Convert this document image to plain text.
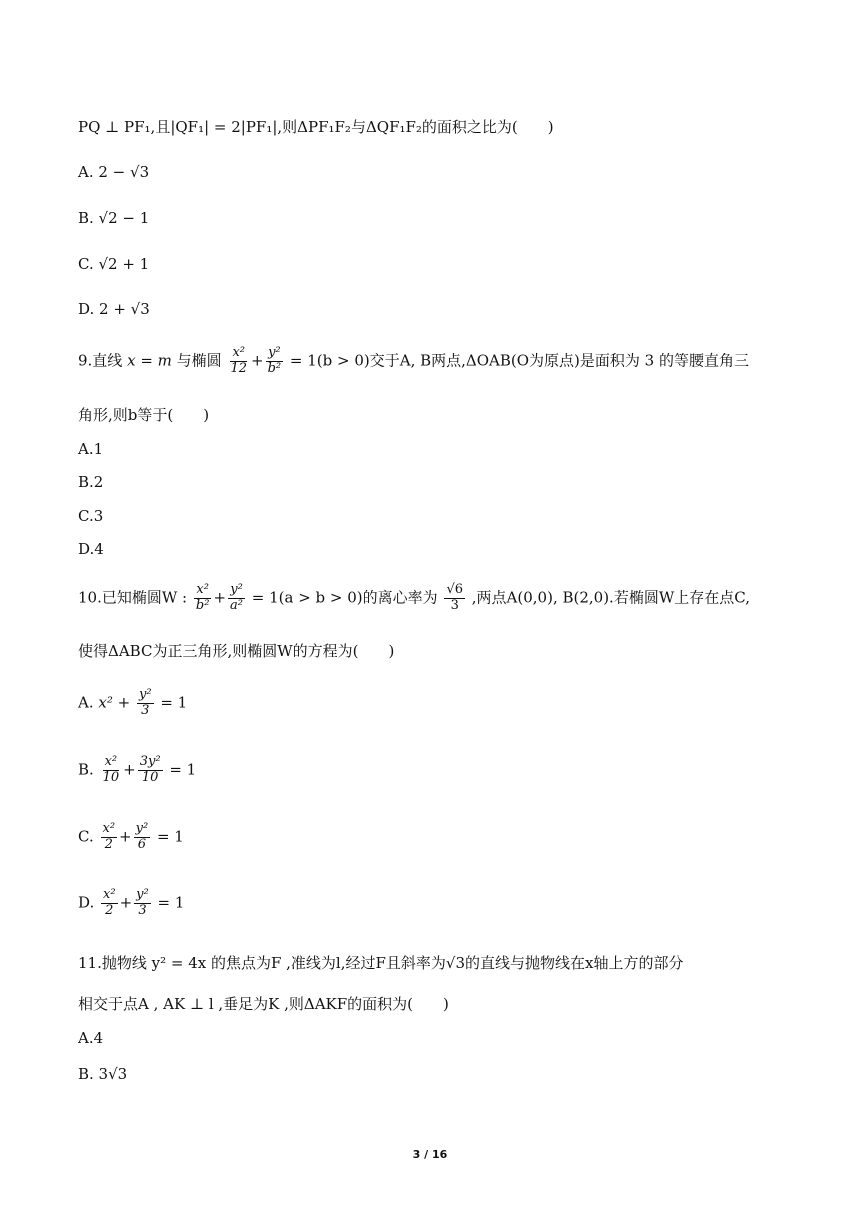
PQ ⊥ PF₁,且|QF₁| = 2|PF₁|,则ΔPF₁F₂与ΔQF₁F₂的面积之比为(　　)
A. 2 − √3
B. √2 − 1
C. √2 + 1
D. 2 + √3
9.直线 x = m 与椭圆 $\frac{\text{x²}}{12} + \frac{\text{y²}}{\text{b²}} = 1(b > 0)$交于A, B两点,ΔOAB(O为原点)是面积为 3 的等腰直角三
角形,则b等于(　　)
A.1
B.2
C.3
D.4
10.已知椭圆W : $\frac{\text{x²}}{\text{b²}} + \frac{\text{y²}}{\text{a²}} = 1(a > b > 0)$的离心率为 $\frac{√6}{3}$ ,两点A(0,0), B(2,0).若椭圆W上存在点C,
使得ΔABC为正三角形,则椭圆W的方程为(　　)
A. $x^2 + \frac{\text{y²}}{3} = 1$
B. $\frac{\text{x²}}{10} + \frac{\text{3y²}}{10} = 1$
C. $\frac{\text{x²}}{2} + \frac{\text{y²}}{6} = 1$
D. $\frac{\text{x²}}{2} + \frac{\text{y²}}{3} = 1$
11.抛物线 y² = 4x 的焦点为F ,准线为l,经过F且斜率为√3的直线与抛物线在x轴上方的部分
相交于点A , AK ⊥ l ,垂足为K ,则ΔAKF的面积为(　　)
A.4
B. 3√3
3 / 16
